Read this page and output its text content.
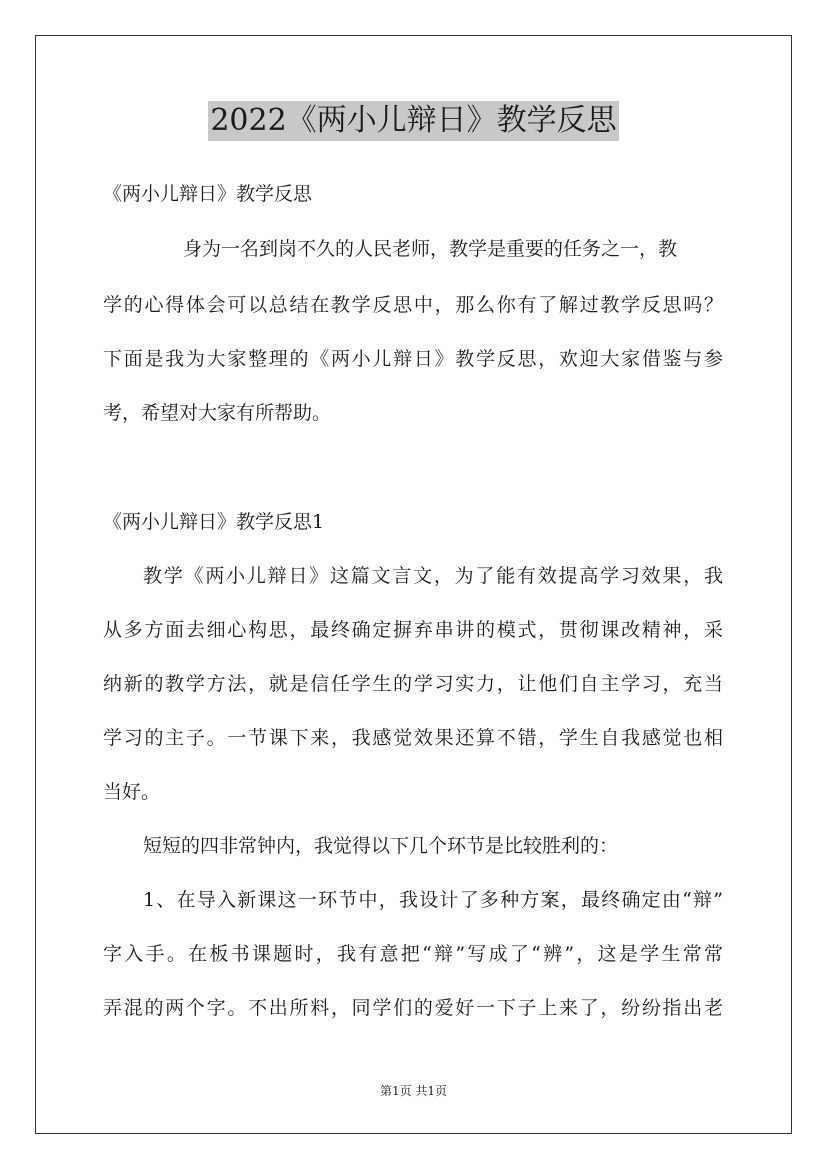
2022《两小儿辩日》教学反思
《两小儿辩日》教学反思
身为一名到岗不久的人民老师，教学是重要的任务之一，教
学的心得体会可以总结在教学反思中，那么你有了解过教学反思吗？
下面是我为大家整理的《两小儿辩日》教学反思，欢迎大家借鉴与参
考，希望对大家有所帮助。
《两小儿辩日》教学反思1
教学《两小儿辩日》这篇文言文，为了能有效提高学习效果，我
从多方面去细心构思，最终确定摒弃串讲的模式，贯彻课改精神，采
纳新的教学方法，就是信任学生的学习实力，让他们自主学习，充当
学习的主子。一节课下来，我感觉效果还算不错，学生自我感觉也相
当好。
短短的四非常钟内，我觉得以下几个环节是比较胜利的：
1、在导入新课这一环节中，我设计了多种方案，最终确定由“辩”
字入手。在板书课题时，我有意把“辩”写成了“辨”，这是学生常常
弄混的两个字。不出所料，同学们的爱好一下子上来了，纷纷指出老
第1页 共1页
